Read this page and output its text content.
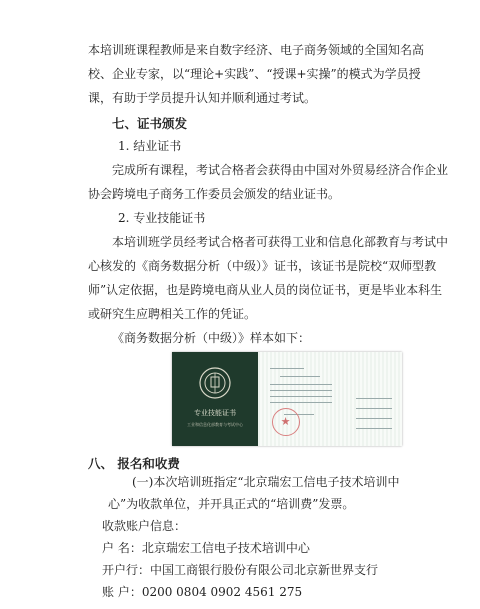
本培训班课程教师是来自数字经济、电子商务领域的全国知名高
校、企业专家，以“理论+实践”、“授课+实操”的模式为学员授
课，有助于学员提升认知并顺利通过考试。
七、证书颁发
1. 结业证书
完成所有课程，考试合格者会获得由中国对外贸易经济合作企业
协会跨境电子商务工作委员会颁发的结业证书。
2. 专业技能证书
本培训班学员经考试合格者可获得工业和信息化部教育与考试中
心核发的《商务数据分析（中级）》证书，该证书是院校“双师型教
师”认定依据，也是跨境电商从业人员的岗位证书，更是毕业本科生
或研究生应聘相关工作的凭证。
《商务数据分析（中级）》样本如下：
专业技能证书
工业和信息化部教育与考试中心	★
八、 报名和收费
(一)本次培训班指定“北京瑞宏工信电子技术培训中
心”为收款单位，并开具正式的“培训费”发票。
收款账户信息：
户 名：北京瑞宏工信电子技术培训中心
开户行：中国工商银行股份有限公司北京新世界支行
账 户：0200 0804 0902 4561 275
